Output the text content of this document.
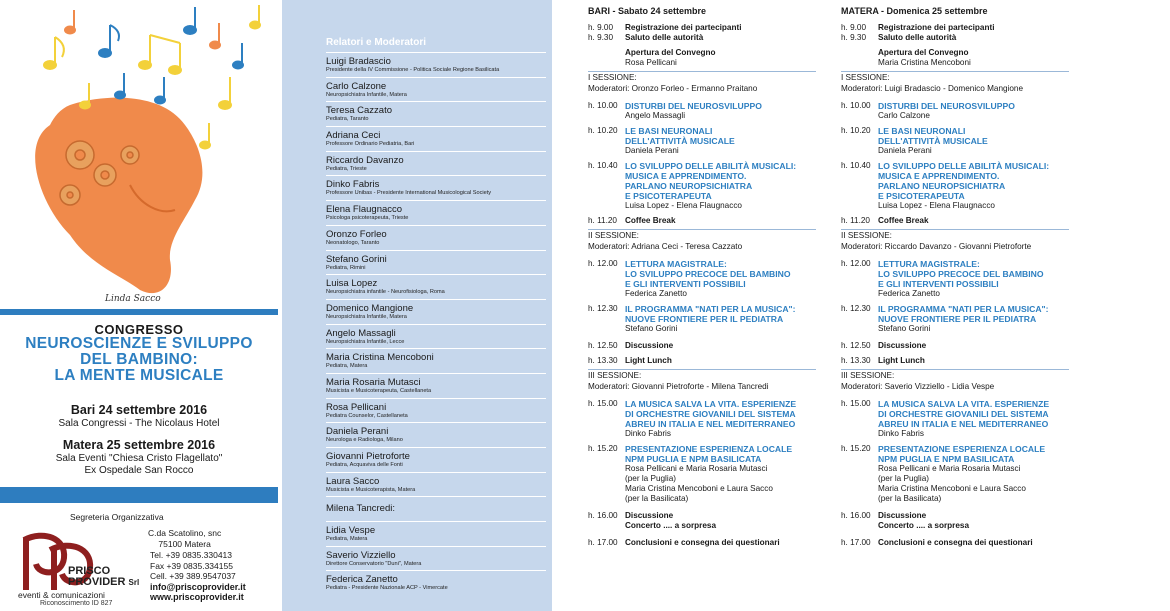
Linda Sacco
CONGRESSO
NEUROSCIENZE E SVILUPPO
DEL BAMBINO:
LA MENTE MUSICALE
Bari 24 settembre 2016
Sala Congressi - The Nicolaus Hotel
Matera 25 settembre 2016
Sala Eventi "Chiesa Cristo Flagellato"
Ex Ospedale San Rocco
Segreteria Organizzativa
PRISCO
PROVIDER Srl
eventi & comunicazioni
Riconoscimento ID 827
C.da Scatolino, snc
75100 Matera
Tel. +39 0835.330413
Fax +39 0835.334155
Cell. +39 389.9547037
info@priscoprovider.it
www.priscoprovider.it
Relatori e Moderatori
Luigi Bradascio
Presidente della IV Commissione - Politica Sociale Regione Basilicata
Carlo Calzone
Neuropsichiatra Infantile, Matera
Teresa Cazzato
Pediatra, Taranto
Adriana Ceci
Professore Ordinario Pediatria, Bari
Riccardo Davanzo
Pediatra, Trieste
Dinko Fabris
Professore Unibas - Presidente International Musicological Society
Elena Flaugnacco
Psicologa psicoterapeuta, Trieste
Oronzo Forleo
Neonatologo, Taranto
Stefano Gorini
Pediatra, Rimini
Luisa Lopez
Neuropsichiatra infantile - Neurofisiologa, Roma
Domenico Mangione
Neuropsichiatra Infantile, Matera
Angelo Massagli
Neuropsichiatra Infantile, Lecce
Maria Cristina Mencoboni
Pediatra, Matera
Maria Rosaria Mutasci
Musicista e Musicoterapeuta, Castellaneta
Rosa Pellicani
Pediatra Counselor, Castellaneta
Daniela Perani
Neurologa e Radiologa, Milano
Giovanni Pietroforte
Pediatra, Acquaviva delle Fonti
Laura Sacco
Musicista e Musicoterapista, Matera
Milena Tancredi:
Lidia Vespe
Pediatra, Matera
Saverio Vizziello
Direttore Conservatorio "Duni", Matera
Federica Zanetto
Pediatra - Presidente Nazionale ACP - Vimercate
BARI - Sabato 24 settembre
h. 9.00	Registrazione dei partecipanti
h. 9.30	Saluto delle autorità
Apertura del Convegno
Rosa Pellicani
I SESSIONE:
Moderatori: Oronzo Forleo - Ermanno Praitano
h. 10.00 DISTURBI DEL NEUROSVILUPPO
Angelo Massagli
h. 10.20 LE BASI NEURONALI
DELL'ATTIVITÀ MUSICALE
Daniela Perani
h. 10.40 LO SVILUPPO DELLE ABILITÀ MUSICALI:
MUSICA E APPRENDIMENTO.
PARLANO NEUROPSICHIATRA
E PSICOTERAPEUTA
Luisa Lopez - Elena Flaugnacco
h. 11.20 Coffee Break
II SESSIONE:
Moderatori: Adriana Ceci - Teresa Cazzato
h. 12.00 LETTURA MAGISTRALE:
LO SVILUPPO PRECOCE DEL BAMBINO
E GLI INTERVENTI POSSIBILI
Federica Zanetto
h. 12.30 IL PROGRAMMA "NATI PER LA MUSICA":
NUOVE FRONTIERE PER IL PEDIATRA
Stefano Gorini
h. 12.50 Discussione
h. 13.30 Light Lunch
III SESSIONE:
Moderatori: Giovanni Pietroforte - Milena Tancredi
h. 15.00 LA MUSICA SALVA LA VITA. ESPERIENZE
DI ORCHESTRE GIOVANILI DEL SISTEMA
ABREU IN ITALIA E NEL MEDITERRANEO
Dinko Fabris
h. 15.20 PRESENTAZIONE ESPERIENZA LOCALE
NPM PUGLIA E NPM BASILICATA
Rosa Pellicani e Maria Rosaria Mutasci
(per la Puglia)
Maria Cristina Mencoboni e Laura Sacco
(per la Basilicata)
h. 16.00 Discussione
Concerto .... a sorpresa
h. 17.00 Conclusioni e consegna dei questionari
MATERA - Domenica 25 settembre
h. 9.00	Registrazione dei partecipanti
h. 9.30	Saluto delle autorità
Apertura del Convegno
Maria Cristina Mencoboni
I SESSIONE:
Moderatori: Luigi Bradascio - Domenico Mangione
h. 10.00 DISTURBI DEL NEUROSVILUPPO
Carlo Calzone
h. 10.20 LE BASI NEURONALI
DELL'ATTIVITÀ MUSICALE
Daniela Perani
h. 10.40 LO SVILUPPO DELLE ABILITÀ MUSICALI:
MUSICA E APPRENDIMENTO.
PARLANO NEUROPSICHIATRA
E PSICOTERAPEUTA
Luisa Lopez - Elena Flaugnacco
h. 11.20 Coffee Break
II SESSIONE:
Moderatori: Riccardo Davanzo - Giovanni Pietroforte
h. 12.00 LETTURA MAGISTRALE:
LO SVILUPPO PRECOCE DEL BAMBINO
E GLI INTERVENTI POSSIBILI
Federica Zanetto
h. 12.30 IL PROGRAMMA "NATI PER LA MUSICA":
NUOVE FRONTIERE PER IL PEDIATRA
Stefano Gorini
h. 12.50 Discussione
h. 13.30 Light Lunch
III SESSIONE:
Moderatori: Saverio Vizziello - Lidia Vespe
h. 15.00 LA MUSICA SALVA LA VITA. ESPERIENZE
DI ORCHESTRE GIOVANILI DEL SISTEMA
ABREU IN ITALIA E NEL MEDITERRANEO
Dinko Fabris
h. 15.20 PRESENTAZIONE ESPERIENZA LOCALE
NPM PUGLIA E NPM BASILICATA
Rosa Pellicani e Maria Rosaria Mutasci
(per la Puglia)
Maria Cristina Mencoboni e Laura Sacco
(per la Basilicata)
h. 16.00 Discussione
Concerto .... a sorpresa
h. 17.00 Conclusioni e consegna dei questionari
